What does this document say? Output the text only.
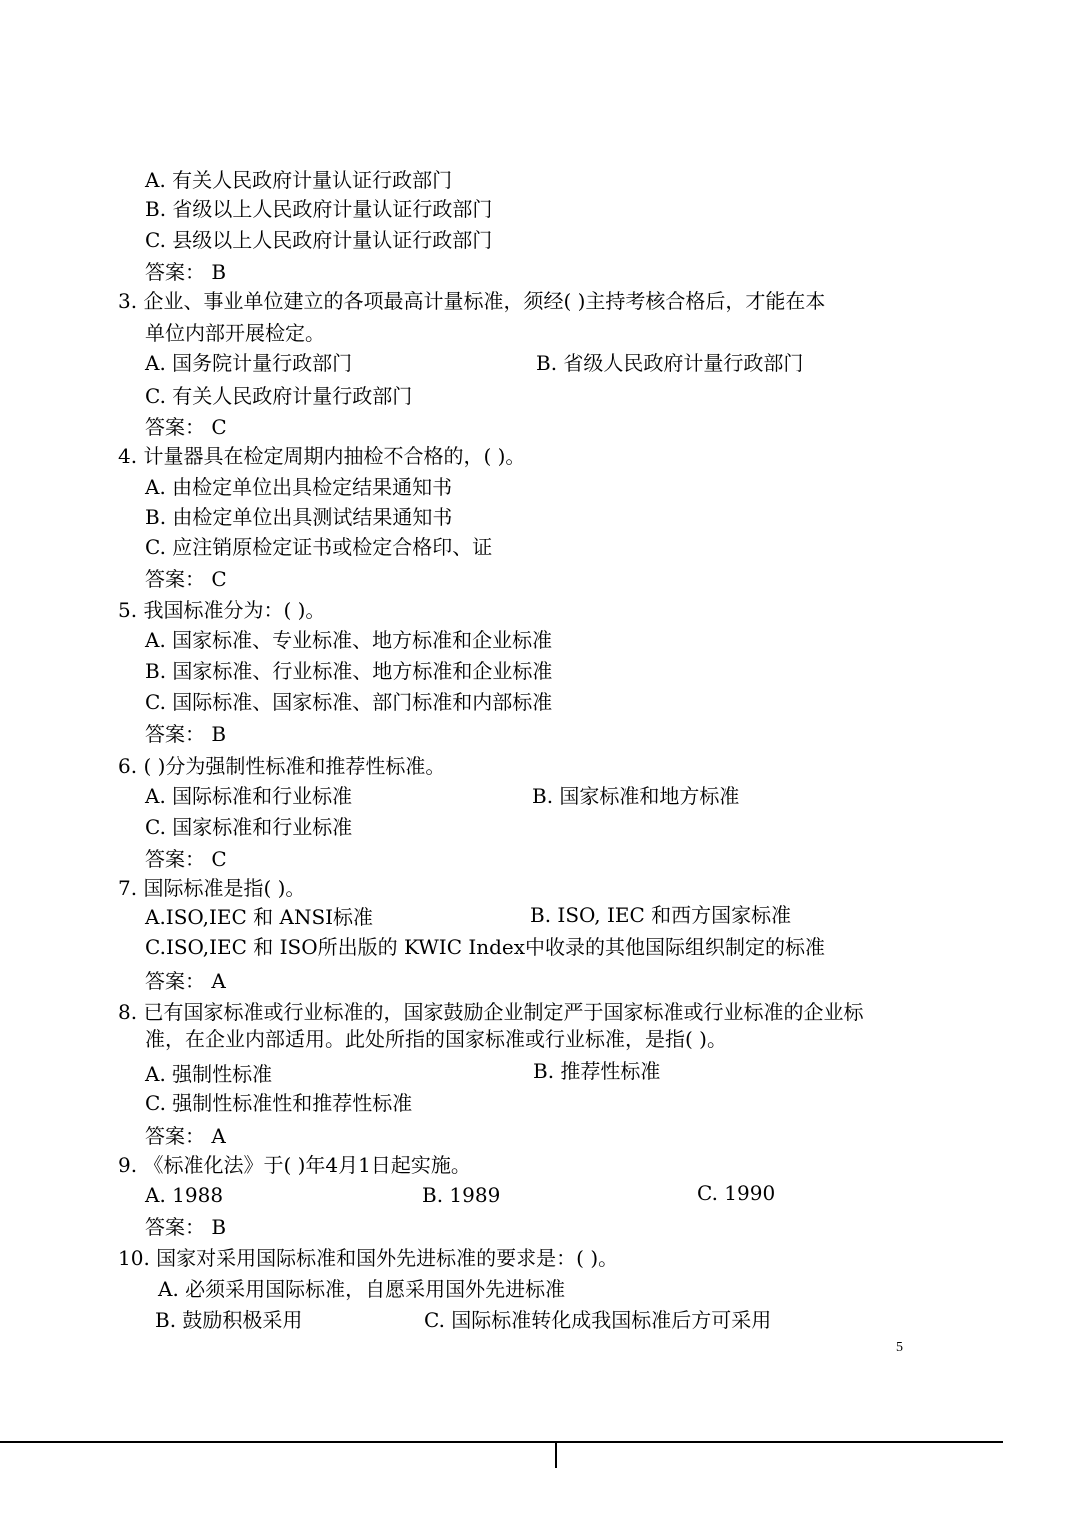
A. 有关人民政府计量认证行政部门
B. 省级以上人民政府计量认证行政部门
C. 县级以上人民政府计量认证行政部门
答案： B
3. 企业、事业单位建立的各项最高计量标准，须经( )主持考核合格后，才能在本
单位内部开展检定。
A. 国务院计量行政部门	B. 省级人民政府计量行政部门
C. 有关人民政府计量行政部门
答案： C
4. 计量器具在检定周期内抽检不合格的，( )。
A. 由检定单位出具检定结果通知书
B. 由检定单位出具测试结果通知书
C. 应注销原检定证书或检定合格印、证
答案： C
5. 我国标准分为：( )。
A. 国家标准、专业标准、地方标准和企业标准
B. 国家标准、行业标准、地方标准和企业标准
C. 国际标准、国家标准、部门标准和内部标准
答案： B
6. ( )分为强制性标准和推荐性标准。
A. 国际标准和行业标准	B. 国家标准和地方标准
C. 国家标准和行业标准
答案： C
7. 国际标准是指( )。
A.ISO,IEC 和 ANSI标准	B. ISO, IEC 和西方国家标准
C.ISO,IEC 和 ISO所出版的 KWIC Index中收录的其他国际组织制定的标准
答案： A
8. 已有国家标准或行业标准的，国家鼓励企业制定严于国家标准或行业标准的企业标
准，在企业内部适用。此处所指的国家标准或行业标准，是指( )。
A. 强制性标准	B. 推荐性标准
C. 强制性标准性和推荐性标准
答案： A
9. 《标准化法》于( )年4月1日起实施。
A. 1988	B. 1989	C. 1990
答案： B
10. 国家对采用国际标准和国外先进标准的要求是：( )。
A. 必须采用国际标准，自愿采用国外先进标准
B. 鼓励积极采用	C. 国际标准转化成我国标准后方可采用
5
